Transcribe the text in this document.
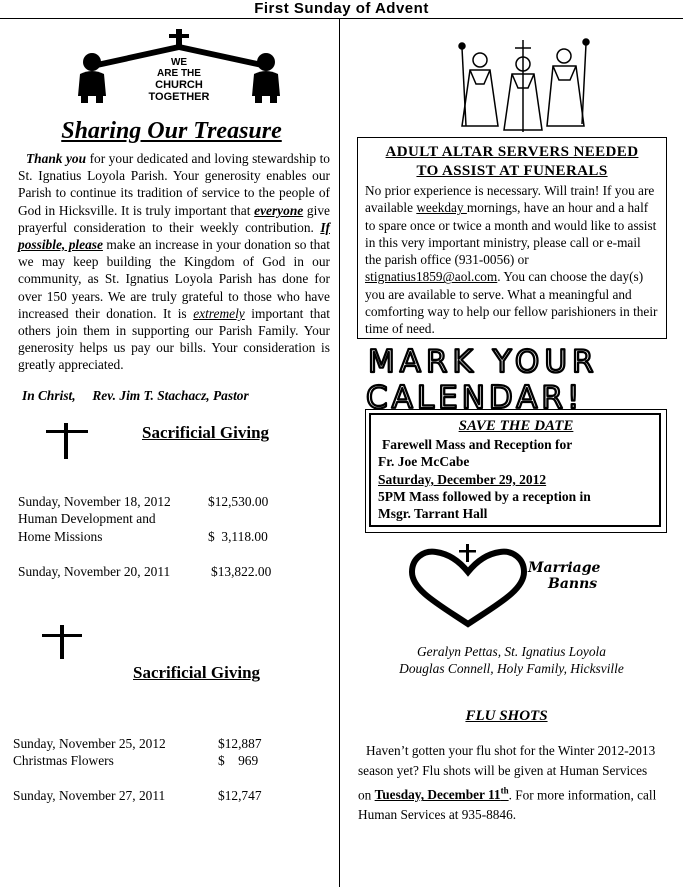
First Sunday of Advent
WE
ARE THE
CHURCH
TOGETHER
Sharing Our Treasure

Thank you for your dedicated and loving stewardship to St. Ignatius Loyola Parish. Your generosity enables our Parish to continue its tradition of service to the people of God in Hicksville. It is truly important that everyone give prayerful consideration to their weekly contribution. If possible, please make an increase in your donation so that we may keep building the Kingdom of God in our community, as St. Ignatius Loyola Parish has done for over 150 years. We are truly grateful to those who have increased their donation. It is extremely important that others join them in supporting our Parish Family. Your generosity helps us pay our bills. Your consideration is greatly appreciated.

In Christ, Rev. Jim T. Stachacz, Pastor
Sacrificial Giving
Sunday, November 18, 2012	$12,530.00
Human Development and
Home Missions	$  3,118.00
Sunday, November 20, 2011	$13,822.00
Sacrificial Giving
Sunday, November 25, 2012	$12,887
Christmas Flowers	$    969
Sunday, November 27, 2011	$12,747
ADULT ALTAR SERVERS NEEDED
TO ASSIST AT FUNERALS
No prior experience is necessary. Will train! If you are available weekday mornings, have an hour and a half to spare once or twice a month and would like to assist in this very important ministry, please call or e-mail the parish office (931-0056) or stignatius1859@aol.com. You can choose the day(s) you are available to serve. What a meaningful and comforting way to help our fellow parishioners in their time of need.
MARK YOUR
CALENDAR!
SAVE THE DATE
Farewell Mass and Reception for
Fr. Joe McCabe
Saturday, December 29, 2012
5PM Mass followed by a reception in
Msgr. Tarrant Hall
Marriage
Banns
Geralyn Pettas, St. Ignatius Loyola
Douglas Connell, Holy Family, Hicksville
FLU SHOTS

Haven’t gotten your flu shot for the Winter 2012-2013 season yet? Flu shots will be given at Human Services on Tuesday, December 11th. For more information, call Human Services at 935-8846.
